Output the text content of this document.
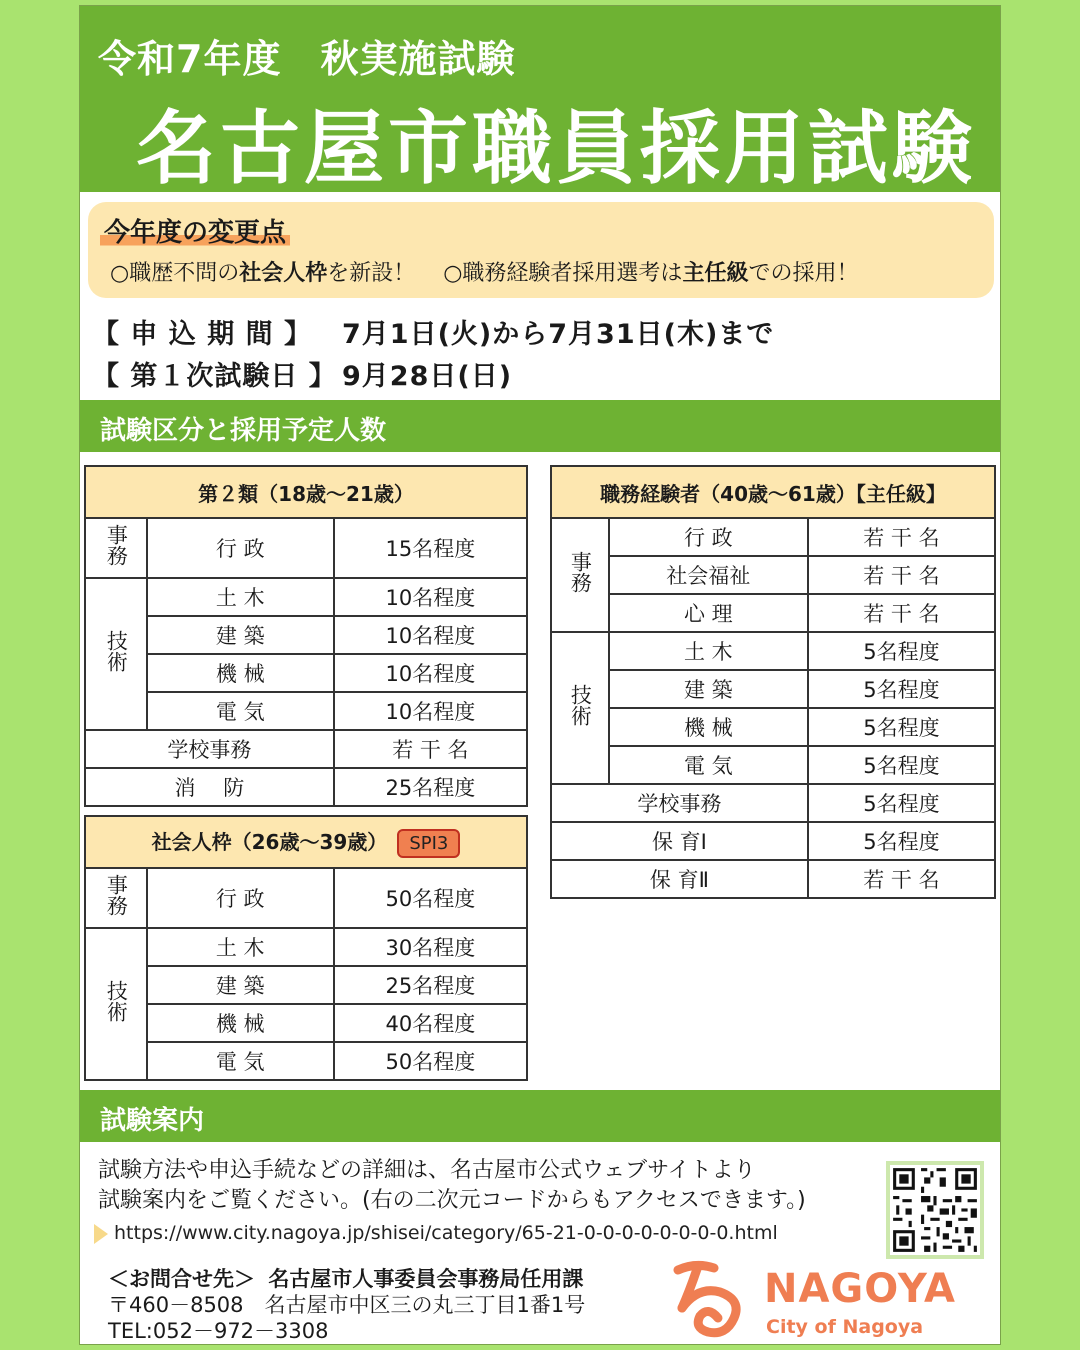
令和7年度　秋実施試験
名古屋市職員採用試験
今年度の変更点
○職歴不問の社会人枠を新設！ ○職務経験者採用選考は主任級での採用！
【 申 込 期 間 】 7月1日(火)から7月31日(木)まで
【 第１次試験日 】 9月28日(日)
試験区分と採用予定人数
第２類（18歳～21歳）		
事務	行 政	15名程度
技術	土 木	10名程度
	建 築	10名程度
	機 械	10名程度
	電 気	10名程度
学校事務		若 干 名
消　 防		25名程度
社会人枠（26歳～39歳） SPI3		
事務	行 政	50名程度
技術	土 木	30名程度
	建 築	25名程度
	機 械	40名程度
	電 気	50名程度
職務経験者（40歳～61歳）【主任級】		
事務	行 政	若 干 名
	社会福祉	若 干 名
	心 理	若 干 名
技術	土 木	5名程度
	建 築	5名程度
	機 械	5名程度
	電 気	5名程度
学校事務		5名程度
保 育Ⅰ		5名程度
保 育Ⅱ		若 干 名
試験案内
試験方法や申込手続などの詳細は、名古屋市公式ウェブサイトより
試験案内をご覧ください。(右の二次元コードからもアクセスできます。)
https://www.city.nagoya.jp/shisei/category/65-21-0-0-0-0-0-0-0-0.html
＜お問合せ先＞ 名古屋市人事委員会事務局任用課
〒460－8508　名古屋市中区三の丸三丁目1番1号
TEL:052－972－3308
NAGOYA
City of Nagoya
